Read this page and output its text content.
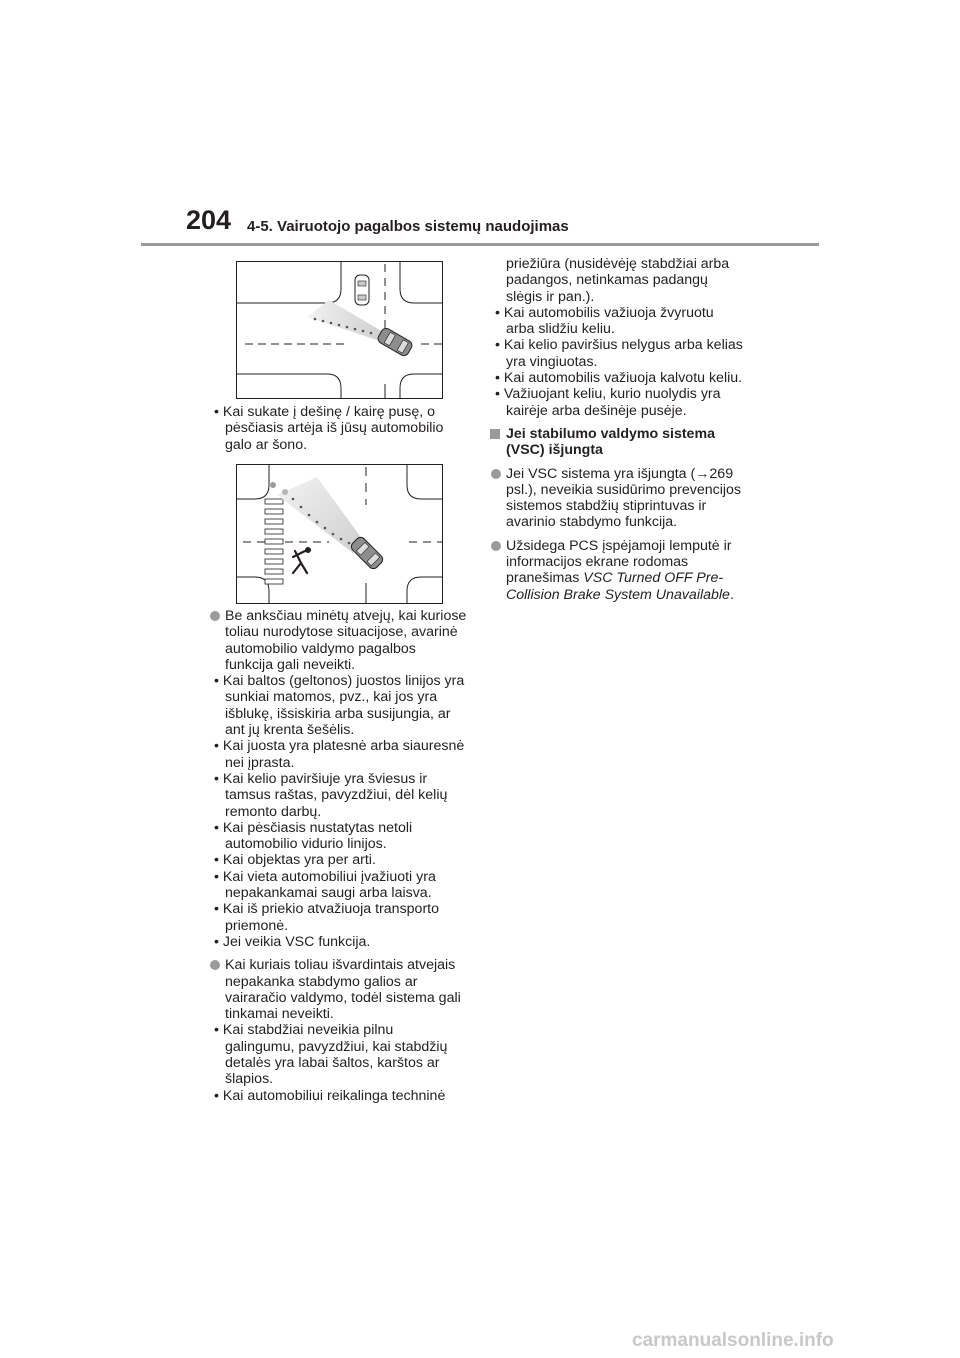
204 4-5. Vairuotojo pagalbos sistemų naudojimas

• Kai sukate į dešinę / kairę pusę, o

pėsčiasis artėja iš jūsų automobilio

galo ar šono.

Be anksčiau minėtų atvejų, kai kuriose
toliau nurodytose situacijose, avarinė
automobilio valdymo pagalbos
funkcija gali neveikti.

• Kai baltos (geltonos) juostos linijos yra

sunkiai matomos, pvz., kai jos yra

išblukę, išsiskiria arba susijungia, ar

ant jų krenta šešėlis.

• Kai juosta yra platesnė arba siauresnė

nei įprasta.

• Kai kelio paviršiuje yra šviesus ir

tamsus raštas, pavyzdžiui, dėl kelių

remonto darbų.

• Kai pėsčiasis nustatytas netoli

automobilio vidurio linijos.

• Kai objektas yra per arti.

• Kai vieta automobiliui įvažiuoti yra

nepakankamai saugi arba laisva.

• Kai iš priekio atvažiuoja transporto

priemonė.

• Jei veikia VSC funkcija.

Kai kuriais toliau išvardintais atvejais
nepakanka stabdymo galios ar
vairaračio valdymo, todėl sistema gali
tinkamai neveikti.

• Kai stabdžiai neveikia pilnu

galingumu, pavyzdžiui, kai stabdžių

detalės yra labai šaltos, karštos ar

šlapios.

• Kai automobiliui reikalinga techninė

priežiūra (nusidėvėję stabdžiai arba

padangos, netinkamas padangų

slėgis ir pan.).

• Kai automobilis važiuoja žvyruotu

arba slidžiu keliu.

• Kai kelio paviršius nelygus arba kelias

yra vingiuotas.

• Kai automobilis važiuoja kalvotu keliu.

• Važiuojant keliu, kurio nuolydis yra

kairėje arba dešinėje pusėje.

Jei stabilumo valdymo sistema
(VSC) išjungta
Jei VSC sistema yra išjungta (→269
psl.), neveikia susidūrimo prevencijos
sistemos stabdžių stiprintuvas ir
avarinio stabdymo funkcija.
Užsidega PCS įspėjamoji lemputė ir
informacijos ekrane rodomas
pranešimas VSC Turned OFF Pre-
Collision Brake System Unavailable.
carmanualsonline.info
